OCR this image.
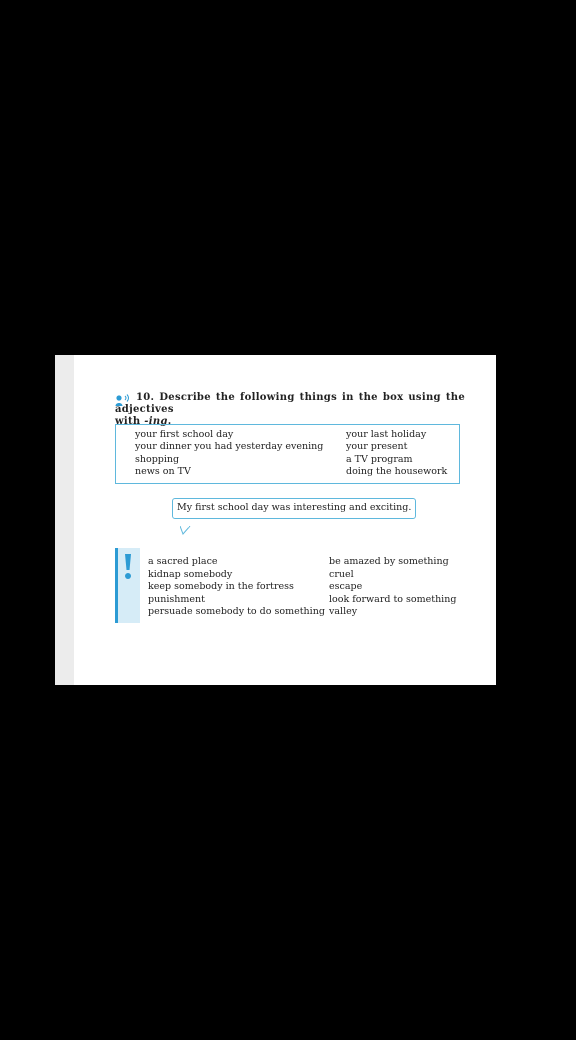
10. Describe the following things in the box using the adjectives
with -ing.
your first school day
your dinner you had yesterday evening
shopping
news on TV
your last holiday
your present
a TV program
doing the housework
My first school day was interesting and exciting.
a sacred place
kidnap somebody
keep somebody in the fortress
punishment
persuade somebody to do something
be amazed by something
cruel
escape
look forward to something
valley
